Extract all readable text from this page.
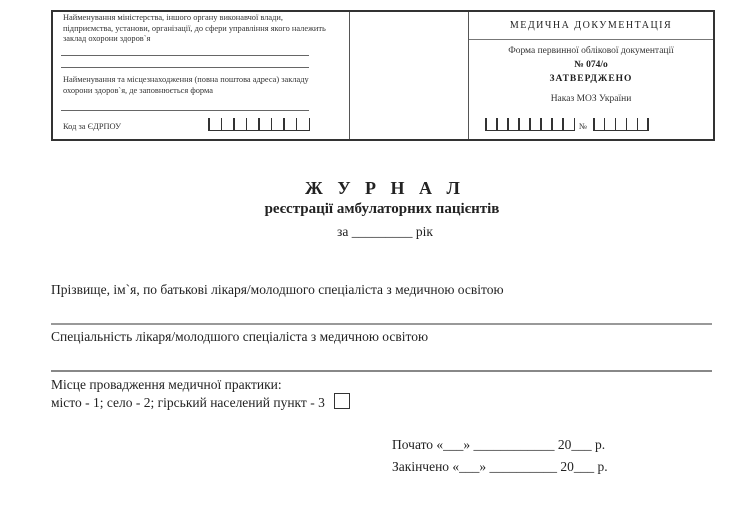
Найменування міністерства, іншого органу виконавчої влади,
підприємства, установи, організації, до сфери управління якого належить
заклад охорони здоров`я
Найменування та місцезнаходження (повна поштова адреса) закладу
охорони здоров`я, де заповнюється форма
Код за ЄДРПОУ
МЕДИЧНА ДОКУМЕНТАЦІЯ
Форма первинної облікової документації
№ 074/о
ЗАТВЕРДЖЕНО
Наказ МОЗ України
№
Ж У Р Н А Л
реєстрації амбулаторних пацієнтів
за _________ рік
Прізвище, ім`я, по батькові лікаря/молодшого спеціаліста з медичною освітою
Спеціальність лікаря/молодшого спеціаліста з медичною освітою
Місце провадження медичної практики:
місто - 1; село - 2; гірський населений пункт - 3
Почато «___» ____________ 20___ р.
Закінчено «___» __________ 20___ р.
